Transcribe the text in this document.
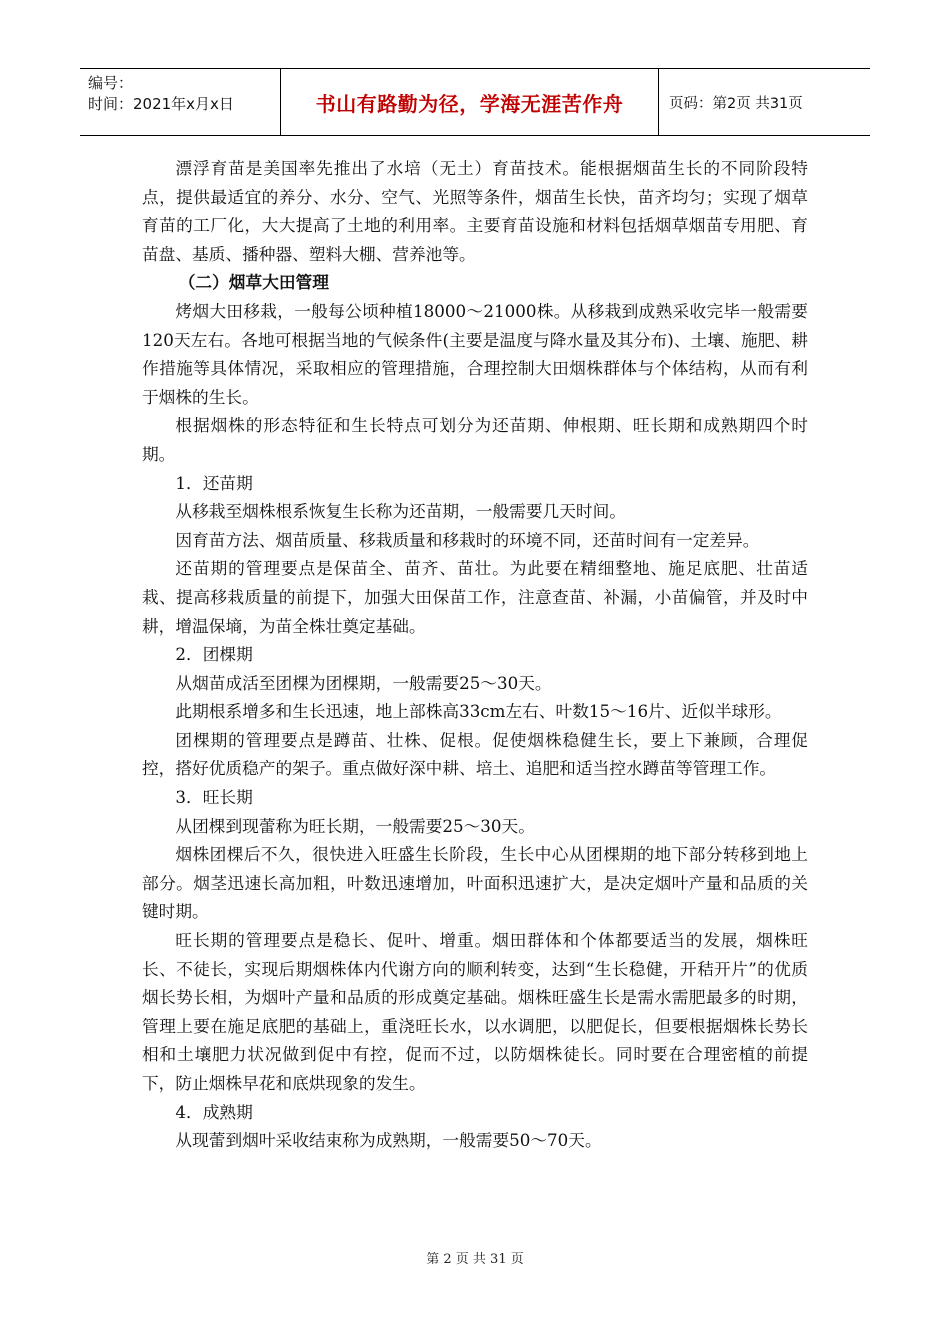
编号：
时间：2021年x月x日	书山有路勤为径，学海无涯苦作舟	页码：第2页 共31页

漂浮育苗是美国率先推出了水培（无土）育苗技术。能根据烟苗生长的不同阶段特点，提供最适宜的养分、水分、空气、光照等条件，烟苗生长快，苗齐均匀；实现了烟草育苗的工厂化，大大提高了土地的利用率。主要育苗设施和材料包括烟草烟苗专用肥、育苗盘、基质、播种器、塑料大棚、营养池等。

（二）烟草大田管理

烤烟大田移栽，一般每公顷种植18000～21000株。从移栽到成熟采收完毕一般需要120天左右。各地可根据当地的气候条件(主要是温度与降水量及其分布)、土壤、施肥、耕作措施等具体情况，采取相应的管理措施，合理控制大田烟株群体与个体结构，从而有利于烟株的生长。

根据烟株的形态特征和生长特点可划分为还苗期、伸根期、旺长期和成熟期四个时期。

1．还苗期

从移栽至烟株根系恢复生长称为还苗期，一般需要几天时间。

因育苗方法、烟苗质量、移栽质量和移栽时的环境不同，还苗时间有一定差异。

还苗期的管理要点是保苗全、苗齐、苗壮。为此要在精细整地、施足底肥、壮苗适栽、提高移栽质量的前提下，加强大田保苗工作，注意查苗、补漏，小苗偏管，并及时中耕，增温保墒，为苗全株壮奠定基础。

2．团棵期

从烟苗成活至团棵为团棵期，一般需要25～30天。

此期根系增多和生长迅速，地上部株高33cm左右、叶数15～16片、近似半球形。

团棵期的管理要点是蹲苗、壮株、促根。促使烟株稳健生长，要上下兼顾，合理促控，搭好优质稳产的架子。重点做好深中耕、培土、追肥和适当控水蹲苗等管理工作。

3．旺长期

从团棵到现蕾称为旺长期，一般需要25～30天。

烟株团棵后不久，很快进入旺盛生长阶段，生长中心从团棵期的地下部分转移到地上部分。烟茎迅速长高加粗，叶数迅速增加，叶面积迅速扩大，是决定烟叶产量和品质的关键时期。

旺长期的管理要点是稳长、促叶、增重。烟田群体和个体都要适当的发展，烟株旺长、不徒长，实现后期烟株体内代谢方向的顺利转变，达到“生长稳健，开秸开片”的优质烟长势长相，为烟叶产量和品质的形成奠定基础。烟株旺盛生长是需水需肥最多的时期，管理上要在施足底肥的基础上，重浇旺长水，以水调肥，以肥促长，但要根据烟株长势长相和土壤肥力状况做到促中有控，促而不过，以防烟株徒长。同时要在合理密植的前提下，防止烟株早花和底烘现象的发生。

4．成熟期

从现蕾到烟叶采收结束称为成熟期，一般需要50～70天。

第 2 页 共 31 页
